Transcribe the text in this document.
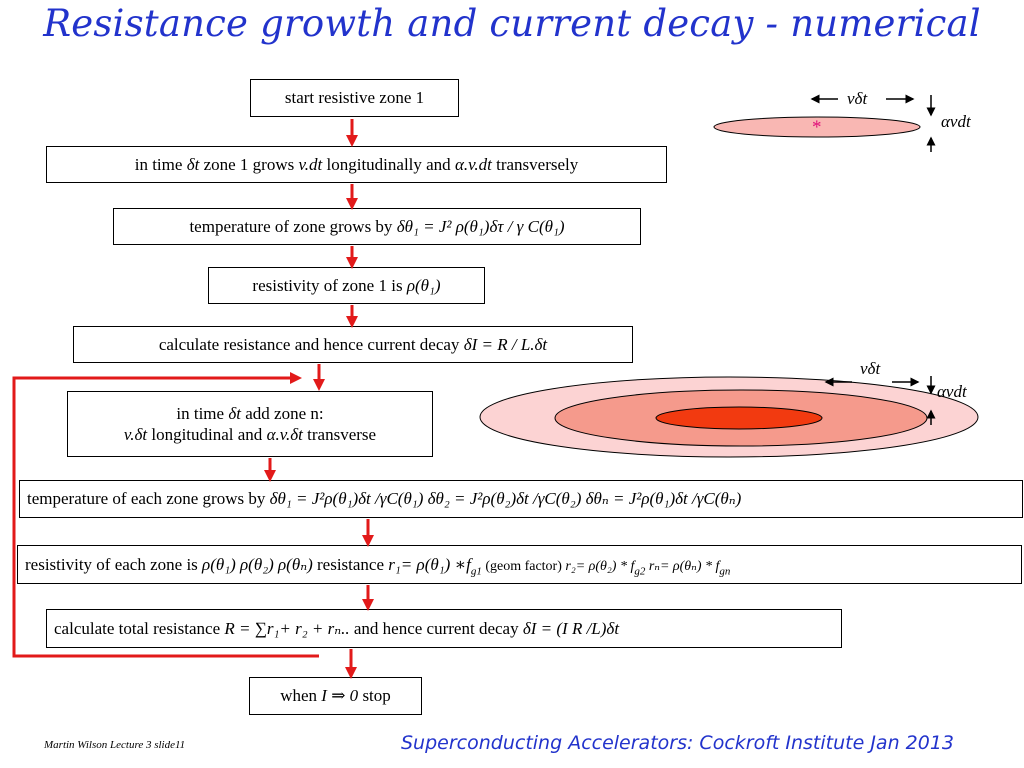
Resistance growth and current decay - numerical
start resistive zone 1
in time δt zone 1 grows v.dt longitudinally and α.v.dt transversely
temperature of zone grows by δθ₁ = J² ρ(θ₁)δτ / γ C(θ₁)
resistivity of zone 1 is ρ(θ₁)
calculate resistance and hence current decay δI = R / L.δt
in time δt add zone n:
v.δt longitudinal and α.v.δt transverse
temperature of each zone grows by δθ₁ = J²ρ(θ₁)δt /γC(θ₁) δθ₂ = J²ρ(θ₂)δt /γC(θ₂) δθₙ = J²ρ(θ₁)δt /γC(θₙ)
resistivity of each zone is ρ(θ₁) ρ(θ₂) ρ(θₙ) resistance r₁= ρ(θ₁) $∗f_{g1}$ (geom factor) $r_2= \rho(\theta_2) * f_{g2}$ $r_n= \rho(\theta_n) * f_{gn}$
calculate total resistance R = ∑r₁+ r₂ + rₙ.. and hence current decay δI = (I R /L)δt
when I ⇒ 0 stop
vδt
αvdt
*
vδt
αvdt
Martin Wilson Lecture 3 slide11	Superconducting Accelerators: Cockroft Institute Jan 2013
